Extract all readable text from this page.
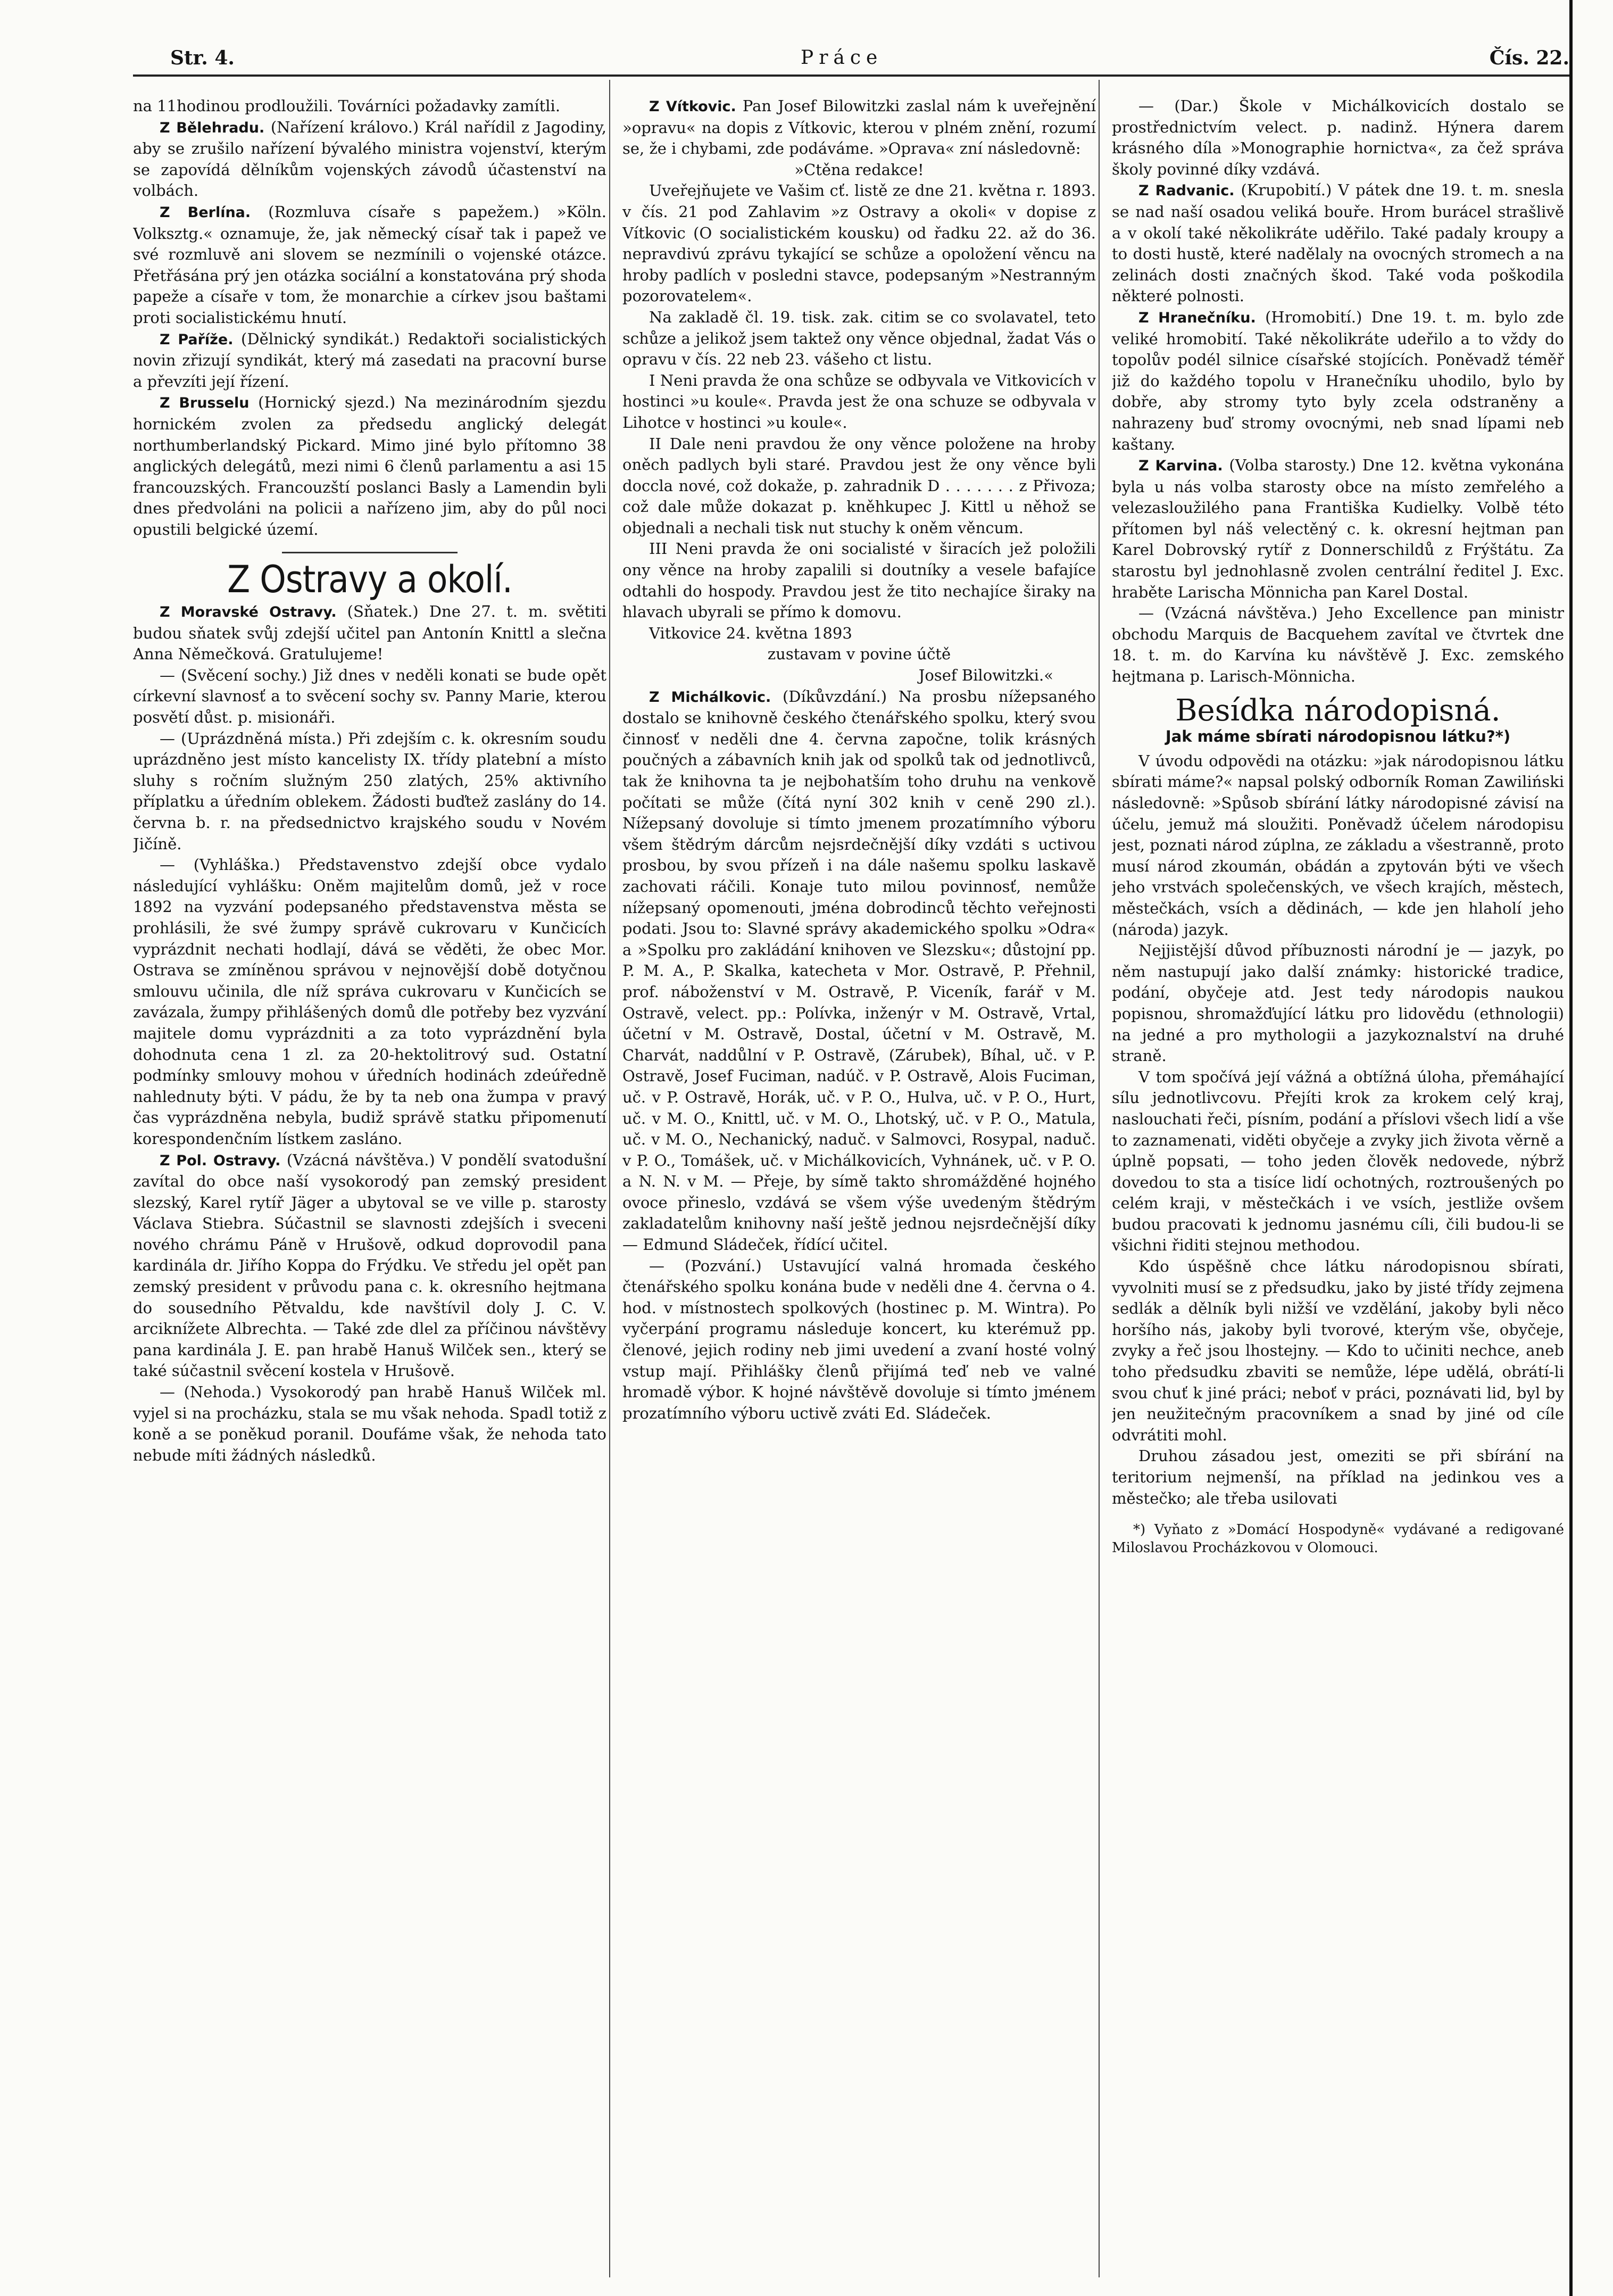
Str. 4.	Práce	Čís. 22.

na 11hodinou prodloužili. Továrníci požadavky zamítli.

Z Bělehradu. (Nařízení královo.) Král nařídil z Jagodiny, aby se zrušilo nařízení bývalého ministra vojenství, kterým se zapovídá dělníkům vojenských závodů účastenství na volbách.

Z Berlína. (Rozmluva císaře s papežem.) »Köln. Volksztg.« oznamuje, že, jak německý císař tak i papež ve své rozmluvě ani slovem se nezmínili o vojenské otázce. Přetřásána prý jen otázka sociální a konstatována prý shoda papeže a císaře v tom, že monarchie a církev jsou baštami proti socialistickému hnutí.

Z Paříže. (Dělnický syndikát.) Redaktoři socialistických novin zřizují syndikát, který má zasedati na pracovní burse a převzíti její řízení.

Z Brusselu (Hornický sjezd.) Na mezinárodním sjezdu hornickém zvolen za předsedu anglický delegát northumberlandský Pickard. Mimo jiné bylo přítomno 38 anglických delegátů, mezi nimi 6 členů parlamentu a asi 15 francouzských. Francouzští poslanci Basly a Lamendin byli dnes předvoláni na policii a nařízeno jim, aby do půl noci opustili belgické území.

Z Ostravy a okolí.

Z Moravské Ostravy. (Sňatek.) Dne 27. t. m. světiti budou sňatek svůj zdejší učitel pan Antonín Knittl a slečna Anna Němečková. Gratulujeme!

— (Svěcení sochy.) Již dnes v neděli konati se bude opět církevní slavnosť a to svěcení sochy sv. Panny Marie, kterou posvětí důst. p. misionáři.

— (Uprázdněná místa.) Při zdejším c. k. okresním soudu uprázdněno jest místo kancelisty IX. třídy platební a místo sluhy s ročním služným 250 zlatých, 25% aktivního příplatku a úředním oblekem. Žádosti buďtež zaslány do 14. června b. r. na předsednictvo krajského soudu v Novém Jičíně.

— (Vyhláška.) Představenstvo zdejší obce vydalo následující vyhlášku: Oněm majitelům domů, jež v roce 1892 na vyzvání podepsaného představenstva města se prohlásili, že své žumpy správě cukrovaru v Kunčicích vyprázdnit nechati hodlají, dává se věděti, že obec Mor. Ostrava se zmíněnou správou v nejnovější době dotyčnou smlouvu učinila, dle níž správa cukrovaru v Kunčicích se zavázala, žumpy přihlášených domů dle potřeby bez vyzvání majitele domu vyprázdniti a za toto vyprázdnění byla dohodnuta cena 1 zl. za 20-hektolitrový sud. Ostatní podmínky smlouvy mohou v úředních hodinách zdeúředně nahlednuty býti. V pádu, že by ta neb ona žumpa v pravý čas vyprázdněna nebyla, budiž správě statku připomenutí korespondenčním lístkem zasláno.

Z Pol. Ostravy. (Vzácná návštěva.) V pondělí svatodušní zavítal do obce naší vysokorodý pan zemský president slezský, Karel rytíř Jäger a ubytoval se ve ville p. starosty Václava Stiebra. Súčastnil se slavnosti zdejších i sveceni nového chrámu Páně v Hrušově, odkud doprovodil pana kardinála dr. Jiřího Koppa do Frýdku. Ve středu jel opět pan zemský president v průvodu pana c. k. okresního hejtmana do sousedního Pětvaldu, kde navštívil doly J. C. V. arciknížete Albrechta. — Také zde dlel za příčinou návštěvy pana kardinála J. E. pan hrabě Hanuš Wilček sen., který se také súčastnil svěcení kostela v Hrušově.

— (Nehoda.) Vysokorodý pan hrabě Hanuš Wilček ml. vyjel si na procházku, stala se mu však nehoda. Spadl totiž z koně a se poněkud poranil. Doufáme však, že nehoda tato nebude míti žádných následků.

Z Vítkovic. Pan Josef Bilowitzki zaslal nám k uveřejnění »opravu« na dopis z Vítkovic, kterou v plném znění, rozumí se, že i chybami, zde podáváme. »Oprava« zní následovně:

»Ctěna redakce!

Uveřejňujete ve Vašim cť. listě ze dne 21. května r. 1893. v čís. 21 pod Zahlavim »z Ostravy a okoli« v dopise z Vítkovic (O socialistickém kousku) od řadku 22. až do 36. nepravdivú zprávu tykající se schůze a opoložení věncu na hroby padlích v posledni stavce, podepsaným »Nestranným pozorovatelem«.

Na zakladě čl. 19. tisk. zak. citim se co svolavatel, teto schůze a jelikož jsem taktež ony věnce objednal, žadat Vás o opravu v čís. 22 neb 23. vášeho ct listu.

I Neni pravda že ona schůze se odbyvala ve Vitkovicích v hostinci »u koule«. Pravda jest že ona schuze se odbyvala v Lihotce v hostinci »u koule«.

II Dale neni pravdou že ony věnce položene na hroby oněch padlych byli staré. Pravdou jest že ony věnce byli doccla nové, což dokaže, p. zahradnik D . . . . . . . z Přivoza; což dale může dokazat p. kněhkupec J. Kittl u něhož se objednali a nechali tisk nut stuchy k oněm věncum.

III Neni pravda že oni socialisté v širacích jež položili ony věnce na hroby zapalili si doutníky a vesele bafajíce odtahli do hospody. Pravdou jest že tito nechajíce širaky na hlavach ubyrali se přímo k domovu.

Vitkovice 24. května 1893

zustavam v povine účtě

Josef Bilowitzki.«

Z Michálkovic. (Díkůvzdání.) Na prosbu nížepsaného dostalo se knihovně českého čtenářského spolku, který svou činnosť v neděli dne 4. června započne, tolik krásných poučných a zábavních knih jak od spolků tak od jednotlivců, tak že knihovna ta je nejbohatším toho druhu na venkově počítati se může (čítá nyní 302 knih v ceně 290 zl.). Nížepsaný dovoluje si tímto jmenem prozatímního výboru všem štědrým dárcům nejsrdečnější díky vzdáti s uctivou prosbou, by svou přízeň i na dále našemu spolku laskavě zachovati ráčili. Konaje tuto milou povinnosť, nemůže nížepsaný opomenouti, jména dobrodinců těchto veřejnosti podati. Jsou to: Slavné správy akademického spolku »Odra« a »Spolku pro zakládání knihoven ve Slezsku«; důstojní pp. P. M. A., P. Skalka, katecheta v Mor. Ostravě, P. Přehnil, prof. náboženství v M. Ostravě, P. Viceník, farář v M. Ostravě, velect. pp.: Polívka, inženýr v M. Ostravě, Vrtal, účetní v M. Ostravě, Dostal, účetní v M. Ostravě, M. Charvát, naddůlní v P. Ostravě, (Zárubek), Bíhal, uč. v P. Ostravě, Josef Fuciman, nadúč. v P. Ostravě, Alois Fuciman, uč. v P. Ostravě, Horák, uč. v P. O., Hulva, uč. v P. O., Hurt, uč. v M. O., Knittl, uč. v M. O., Lhotský, uč. v P. O., Matula, uč. v M. O., Nechanický, naduč. v Salmovci, Rosypal, naduč. v P. O., Tomášek, uč. v Michálkovicích, Vyhnánek, uč. v P. O. a N. N. v M. — Přeje, by símě takto shromážděné hojného ovoce přineslo, vzdává se všem výše uvedeným štědrým zakladatelům knihovny naší ještě jednou nejsrdečnější díky — Edmund Sládeček, řídící učitel.

— (Pozvání.) Ustavující valná hromada českého čtenářského spolku konána bude v neděli dne 4. června o 4. hod. v místnostech spolkových (hostinec p. M. Wintra). Po vyčerpání programu následuje koncert, ku kterémuž pp. členové, jejich rodiny neb jimi uvedení a zvaní hosté volný vstup mají. Přihlášky členů přijímá teď neb ve valné hromadě výbor. K hojné návštěvě dovoluje si tímto jménem prozatímního výboru uctivě zváti Ed. Sládeček.

— (Dar.) Škole v Michálkovicích dostalo se prostřednictvím velect. p. nadinž. Hýnera darem krásného díla »Monographie hornictva«, za čež správa školy povinné díky vzdává.

Z Radvanic. (Krupobití.) V pátek dne 19. t. m. snesla se nad naší osadou veliká bouře. Hrom burácel strašlivě a v okolí také několikráte uděřilo. Také padaly kroupy a to dosti hustě, které nadělaly na ovocných stromech a na zelinách dosti značných škod. Také voda poškodila některé polnosti.

Z Hranečníku. (Hromobití.) Dne 19. t. m. bylo zde veliké hromobití. Také několikráte udeřilo a to vždy do topolův podél silnice císařské stojících. Poněvadž téměř již do každého topolu v Hranečníku uhodilo, bylo by dobře, aby stromy tyto byly zcela odstraněny a nahrazeny buď stromy ovocnými, neb snad lípami neb kaštany.

Z Karvina. (Volba starosty.) Dne 12. května vykonána byla u nás volba starosty obce na místo zemřelého a velezasloužilého pana Františka Kudielky. Volbě této přítomen byl náš velectěný c. k. okresní hejtman pan Karel Dobrovský rytíř z Donnerschildů z Frýštátu. Za starostu byl jednohlasně zvolen centrální ředitel J. Exc. hraběte Larischa Mönnicha pan Karel Dostal.

— (Vzácná návštěva.) Jeho Excellence pan ministr obchodu Marquis de Bacquehem zavítal ve čtvrtek dne 18. t. m. do Karvína ku návštěvě J. Exc. zemského hejtmana p. Larisch-Mönnicha.

Besídka národopisná.
Jak máme sbírati národopisnou látku?*)

V úvodu odpovědi na otázku: »jak národopisnou látku sbírati máme?« napsal polský odborník Roman Zawiliński následovně: »Spůsob sbírání látky národopisné závisí na účelu, jemuž má sloužiti. Poněvadž účelem národopisu jest, poznati národ zúplna, ze základu a všestranně, proto musí národ zkoumán, obádán a zpytován býti ve všech jeho vrstvách společenských, ve všech krajích, městech, městečkách, vsích a dědinách, — kde jen hlaholí jeho (národa) jazyk.

Nejjistější důvod příbuznosti národní je — jazyk, po něm nastupují jako další známky: historické tradice, podání, obyčeje atd. Jest tedy národopis naukou popisnou, shromažďující látku pro lidovědu (ethnologii) na jedné a pro mythologii a jazykoznalství na druhé straně.

V tom spočívá její vážná a obtížná úloha, přemáhající sílu jednotlivcovu. Přejíti krok za krokem celý kraj, naslouchati řeči, písním, podání a příslovi všech lidí a vše to zaznamenati, viděti obyčeje a zvyky jich života věrně a úplně popsati, — toho jeden člověk nedovede, nýbrž dovedou to sta a tisíce lidí ochotných, roztroušených po celém kraji, v městečkách i ve vsích, jestliže ovšem budou pracovati k jednomu jasnému cíli, čili budou-li se všichni řiditi stejnou methodou.

Kdo úspěšně chce látku národopisnou sbírati, vyvolniti musí se z předsudku, jako by jisté třídy zejmena sedlák a dělník byli nižší ve vzdělání, jakoby byli něco horšího nás, jakoby byli tvorové, kterým vše, obyčeje, zvyky a řeč jsou lhostejny. — Kdo to učiniti nechce, aneb toho předsudku zbaviti se nemůže, lépe udělá, obrátí-li svou chuť k jiné práci; neboť v práci, poznávati lid, byl by jen neužitečným pracovníkem a snad by jiné od cíle odvrátiti mohl.

Druhou zásadou jest, omeziti se při sbírání na teritorium nejmenší, na příklad na jedinkou ves a městečko; ale třeba usilovati

*) Vyňato z »Domácí Hospodyně« vydávané a redigované Miloslavou Procházkovou v Olomouci.
